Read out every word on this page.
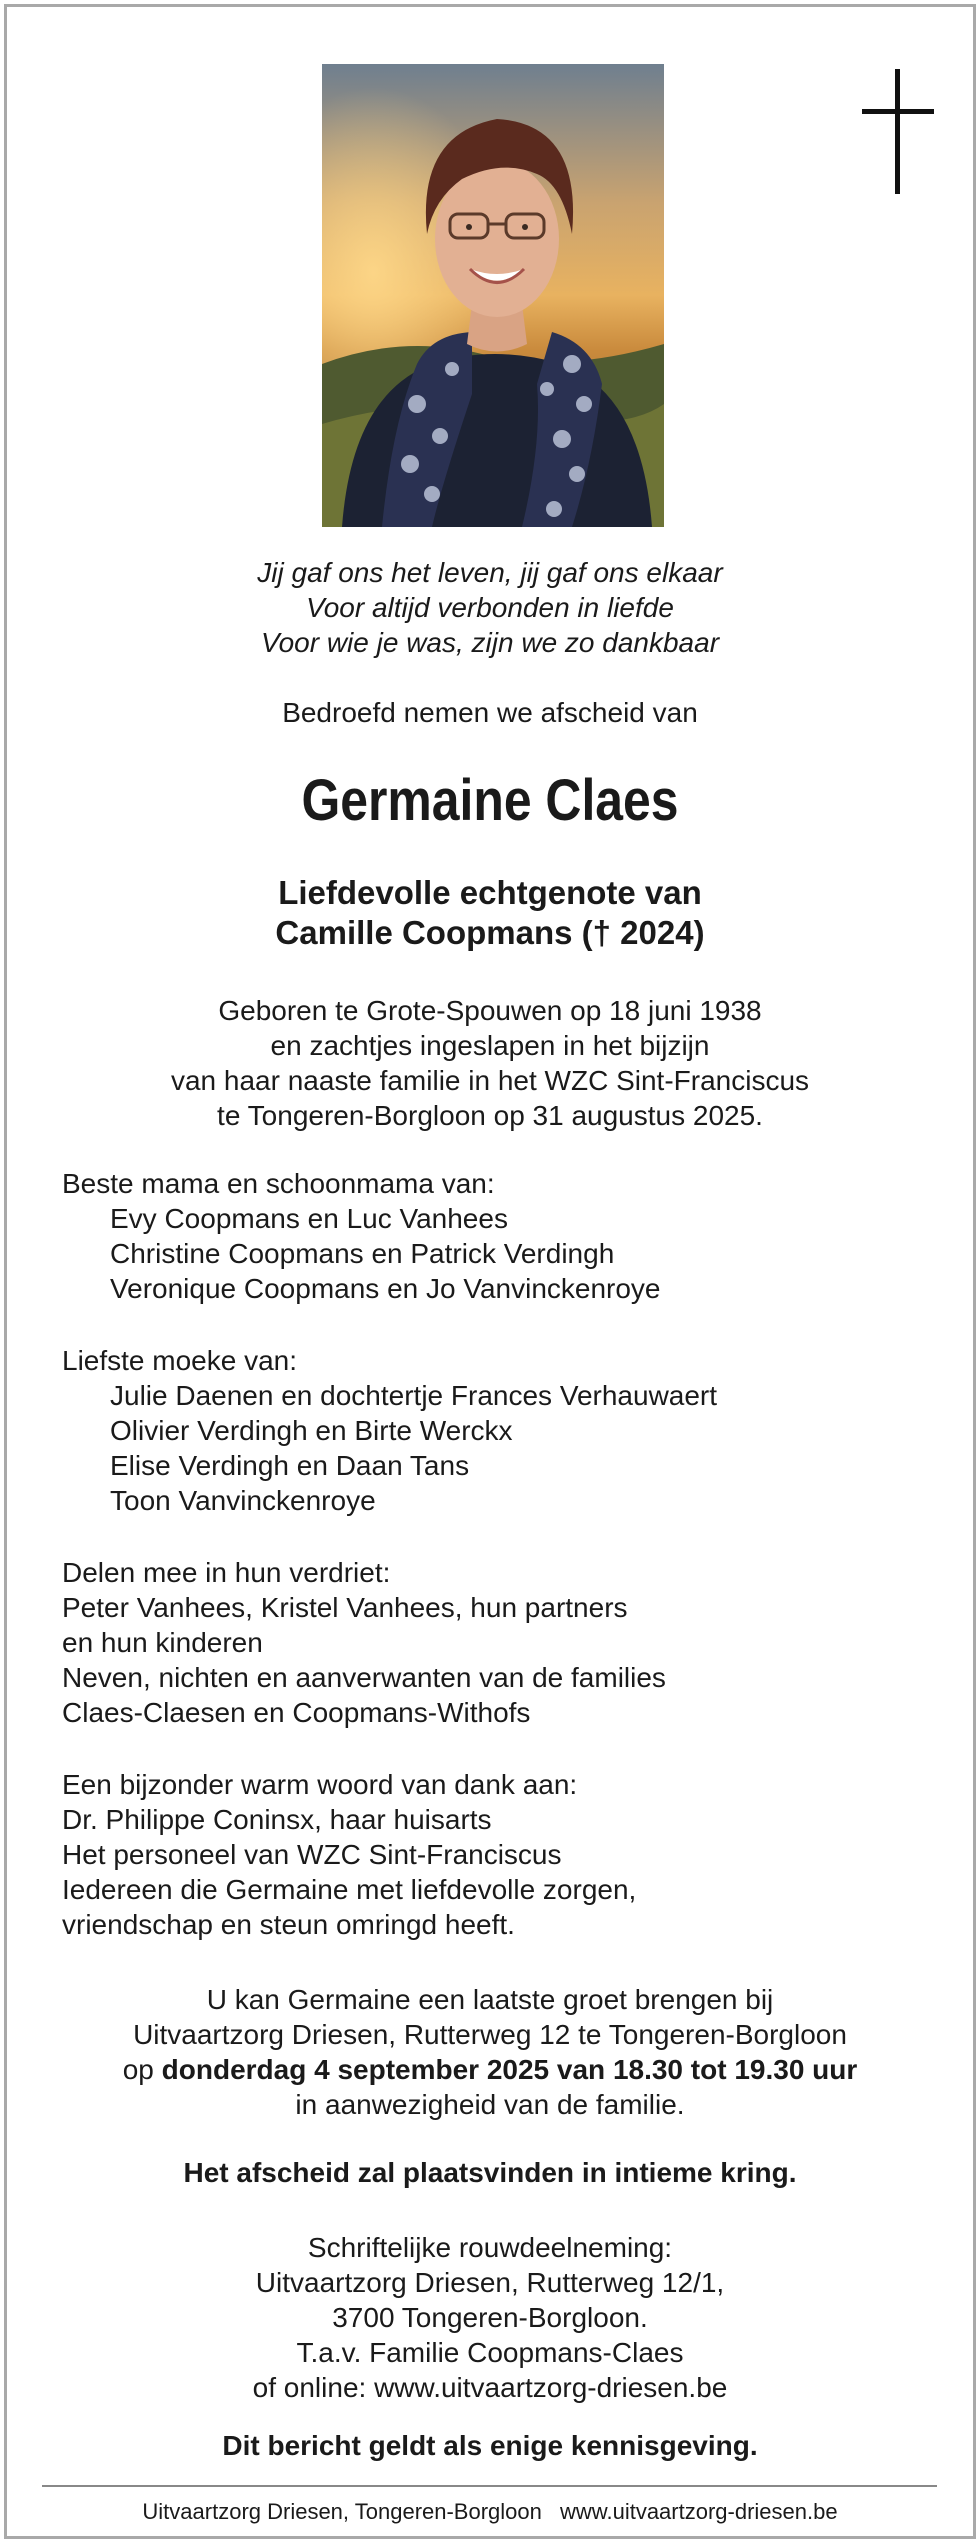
Jij gaf ons het leven, jij gaf ons elkaar
Voor altijd verbonden in liefde
Voor wie je was, zijn we zo dankbaar
Bedroefd nemen we afscheid van
Germaine Claes
Liefdevolle echtgenote van
Camille Coopmans († 2024)
Geboren te Grote-Spouwen op 18 juni 1938
en zachtjes ingeslapen in het bijzijn
van haar naaste familie in het WZC Sint-Franciscus
te Tongeren-Borgloon op 31 augustus 2025.
Beste mama en schoonmama van:
Evy Coopmans en Luc Vanhees
Christine Coopmans en Patrick Verdingh
Veronique Coopmans en Jo Vanvinckenroye
Liefste moeke van:
Julie Daenen en dochtertje Frances Verhauwaert
Olivier Verdingh en Birte Werckx
Elise Verdingh en Daan Tans
Toon Vanvinckenroye
Delen mee in hun verdriet:
Peter Vanhees, Kristel Vanhees, hun partners
en hun kinderen
Neven, nichten en aanverwanten van de families
Claes-Claesen en Coopmans-Withofs
Een bijzonder warm woord van dank aan:
Dr. Philippe Coninsx, haar huisarts
Het personeel van WZC Sint-Franciscus
Iedereen die Germaine met liefdevolle zorgen,
vriendschap en steun omringd heeft.
U kan Germaine een laatste groet brengen bij
Uitvaartzorg Driesen, Rutterweg 12 te Tongeren-Borgloon
op donderdag 4 september 2025 van 18.30 tot 19.30 uur
in aanwezigheid van de familie.
Het afscheid zal plaatsvinden in intieme kring.
Schriftelijke rouwdeelneming:
Uitvaartzorg Driesen, Rutterweg 12/1,
3700 Tongeren-Borgloon.
T.a.v. Familie Coopmans-Claes
of online: www.uitvaartzorg-driesen.be
Dit bericht geldt als enige kennisgeving.
Uitvaartzorg Driesen, Tongeren-Borgloon www.uitvaartzorg-driesen.be
